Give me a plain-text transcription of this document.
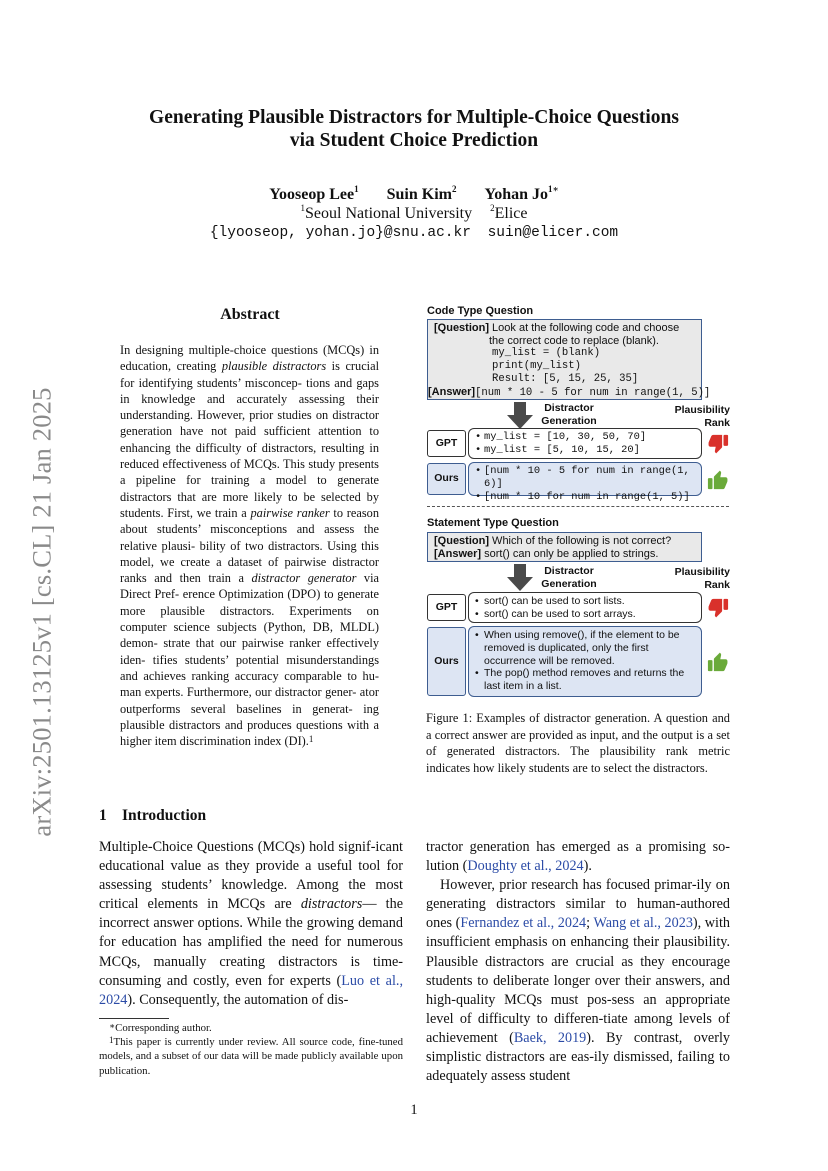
arXiv:2501.13125v1 [cs.CL] 21 Jan 2025
Generating Plausible Distractors for Multiple-Choice Questions
via Student Choice Prediction
Yooseop Lee$^1$ Suin Kim$^2$ Yohan $Jo^{1∗}$
$^1$Seoul National University $^2$Elice
{lyooseop, yohan.jo}@snu.ac.kr suin@elicer.com
Abstract
In designing multiple-choice questions (MCQs) in education, creating plausible distractors is crucial for identifying students’ misconcep- tions and gaps in knowledge and accurately assessing their understanding. However, prior studies on distractor generation have not paid sufficient attention to enhancing the difficulty of distractors, resulting in reduced effectiveness of MCQs. This study presents a pipeline for training a model to generate distractors that are more likely to be selected by students. First, we train a pairwise ranker to reason about students’ misconceptions and assess the relative plausi- bility of two distractors. Using this model, we create a dataset of pairwise distractor ranks and then train a distractor generator via Direct Pref- erence Optimization (DPO) to generate more plausible distractors. Experiments on computer science subjects (Python, DB, MLDL) demon- strate that our pairwise ranker effectively iden- tifies students’ potential misunderstandings and achieves ranking accuracy comparable to hu- man experts. Furthermore, our distractor gener- ator outperforms several baselines in generat- ing plausible distractors and produces questions with a higher item discrimination index (DI).$^1$
Code Type Question
[Question] Look at the following code and choose
the correct code to replace (blank).
my_list = (blank)
print(my_list)
Result: [5, 15, 25, 35]
[Answer][num * 10 - 5 for num in range(1, 5)]
Distractor
Generation
Plausibility
Rank
GPT	• my_list = [10, 30, 50, 70]
• my_list = [5, 10, 15, 20]
Ours
• [num * 10 - 5 for num in range(1, 6)]
• [num * 10 for num in range(1, 5)]
Statement Type Question
[Question] Which of the following is not correct?
[Answer] sort() can only be applied to strings.
Distractor
Generation
Plausibility
Rank
GPT	• sort() can be used to sort lists.
• sort() can be used to sort arrays.
Ours
• When using remove(), if the element to be removed is duplicated, only the first occurrence will be removed.
• The pop() method removes and returns the last item in a list.
Figure 1: Examples of distractor generation. A question and a correct answer are provided as input, and the output is a set of generated distractors. The plausibility rank metric indicates how likely students are to select the distractors.
1 Introduction
Multiple-Choice Questions (MCQs) hold signif-icant educational value as they provide a useful tool for assessing students’ knowledge. Among the most critical elements in MCQs are distractors— the incorrect answer options. While the growing demand for education has amplified the need for numerous MCQs, manually creating distractors is time-consuming and costly, even for experts (Luo et al., 2024). Consequently, the automation of dis-

tractor generation has emerged as a promising so-lution (Doughty et al., 2024).

However, prior research has focused primar-ily on generating distractors similar to human-authored ones (Fernandez et al., 2024; Wang et al., 2023), with insufficient emphasis on enhancing their plausibility. Plausible distractors are crucial as they encourage students to deliberate longer over their answers, and high-quality MCQs must pos-sess an appropriate level of difficulty to differen-tiate among levels of achievement (Baek, 2019). By contrast, overly simplistic distractors are eas-ily dismissed, failing to adequately assess student

∗Corresponding author.

$^1$This paper is currently under review. All source code, fine-tuned models, and a subset of our data will be made publicly available upon publication.

1
